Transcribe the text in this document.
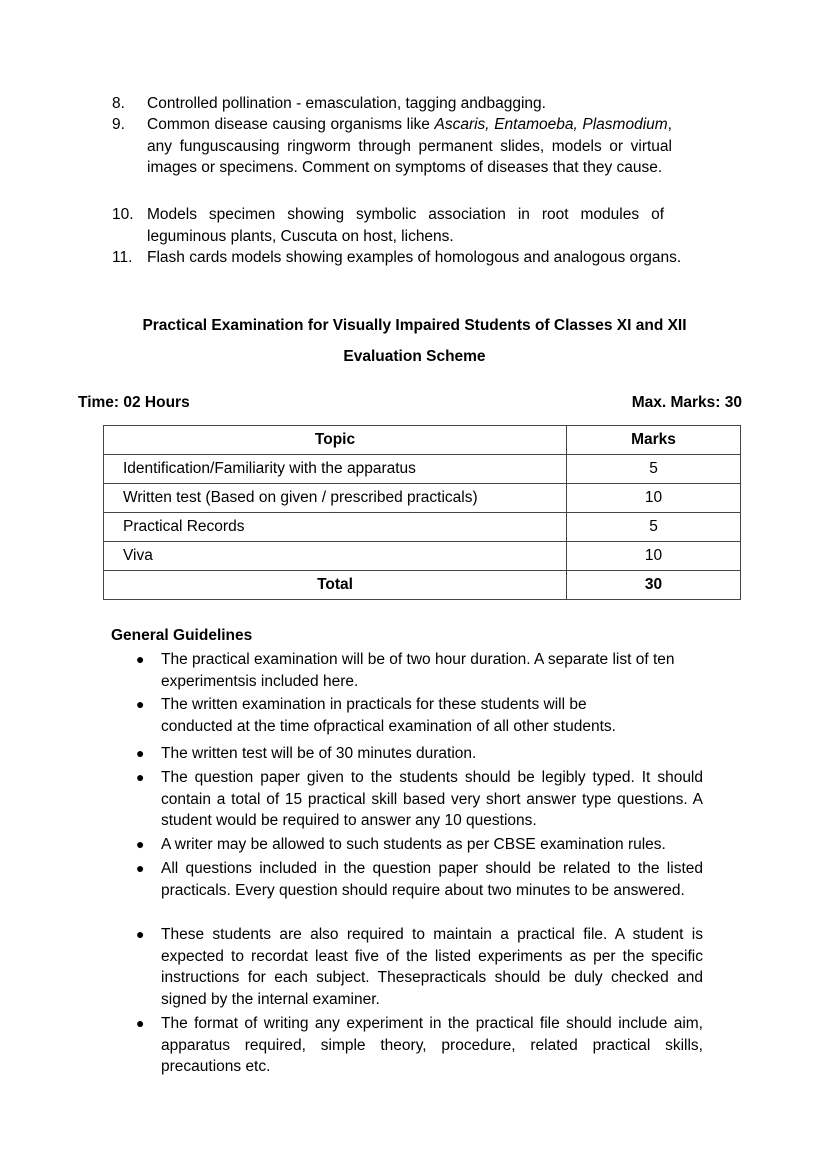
8. Controlled pollination - emasculation, tagging andbagging.
9. Common disease causing organisms like Ascaris, Entamoeba, Plasmodium, any funguscausing ringworm through permanent slides, models or virtual images or specimens. Comment on symptoms of diseases that they cause.
10. Models specimen showing symbolic association in root modules of leguminous plants, Cuscuta on host, lichens.
11. Flash cards models showing examples of homologous and analogous organs.
Practical Examination for Visually Impaired Students of Classes XI and XII
Evaluation Scheme
Time: 02 Hours	Max. Marks: 30
Topic	Marks
Identification/Familiarity with the apparatus	5
Written test (Based on given / prescribed practicals)	10
Practical Records	5
Viva	10
Total	30
General Guidelines
● The practical examination will be of two hour duration. A separate list of ten experimentsis included here.
● The written examination in practicals for these students will be conducted at the time ofpractical examination of all other students.
● The written test will be of 30 minutes duration.
● The question paper given to the students should be legibly typed. It should contain a total of 15 practical skill based very short answer type questions. A student would be required to answer any 10 questions.
● A writer may be allowed to such students as per CBSE examination rules.
● All questions included in the question paper should be related to the listed practicals. Every question should require about two minutes to be answered.
● These students are also required to maintain a practical file. A student is expected to recordat least five of the listed experiments as per the specific instructions for each subject. Thesepracticals should be duly checked and signed by the internal examiner.
● The format of writing any experiment in the practical file should include aim, apparatus required, simple theory, procedure, related practical skills, precautions etc.
